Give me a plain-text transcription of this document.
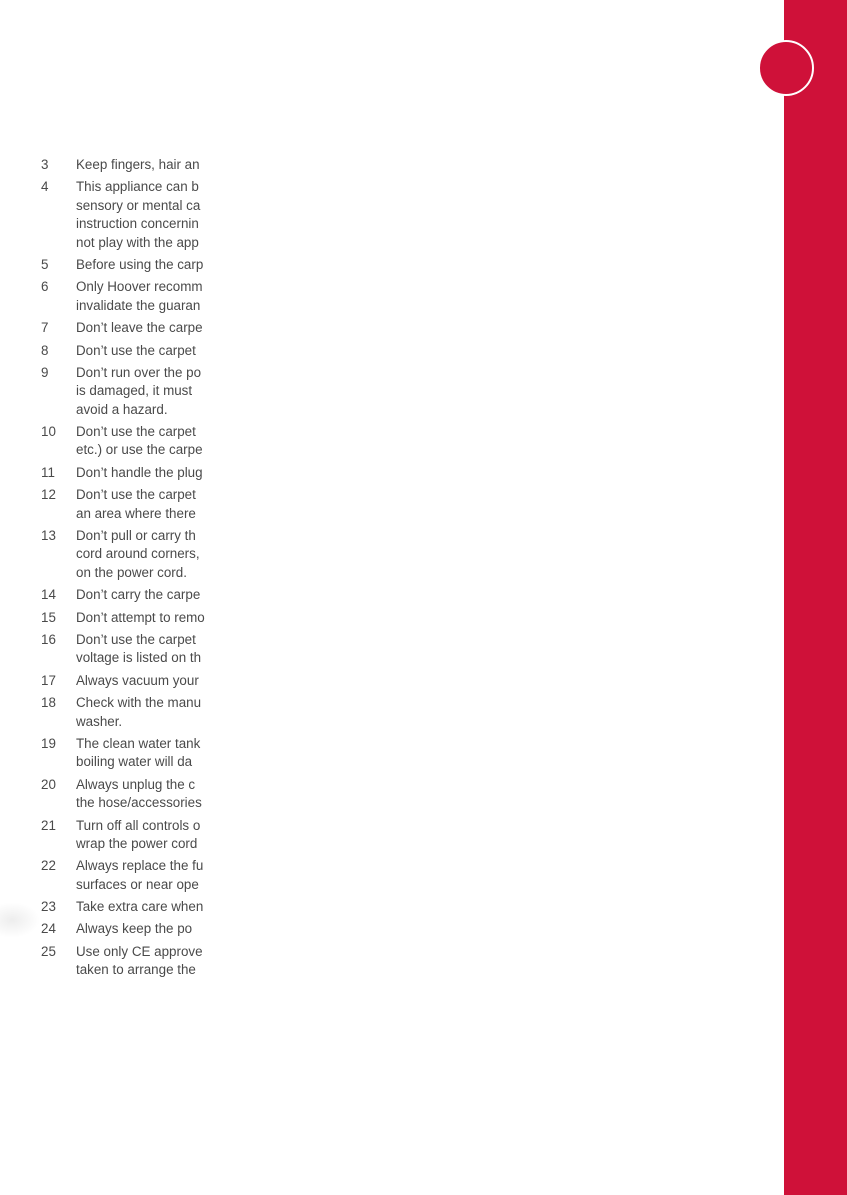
3	Keep fingers, hair an
4	This appliance can b
sensory or mental ca
instruction concernin
not play with the app
5	Before using the carp
6	Only Hoover recomm
invalidate the guaran
7	Don’t leave the carpe
8	Don’t use the carpet
9	Don’t run over the po
is damaged, it must
avoid a hazard.
10	Don’t use the carpet
etc.) or use the carpe
11	Don’t handle the plug
12	Don’t use the carpet
an area where there
13	Don’t pull or carry th
cord around corners,
on the power cord.
14	Don’t carry the carpe
15	Don’t attempt to remo
16	Don’t use the carpet
voltage is listed on th
17	Always vacuum your
18	Check with the manu
washer.
19	The clean water tank
boiling water will da
20	Always unplug the c
the hose/accessories
21	Turn off all controls o
wrap the power cord
22	Always replace the fu
surfaces or near ope
23	Take extra care when
24	Always keep the po
25	Use only CE approve
taken to arrange the
